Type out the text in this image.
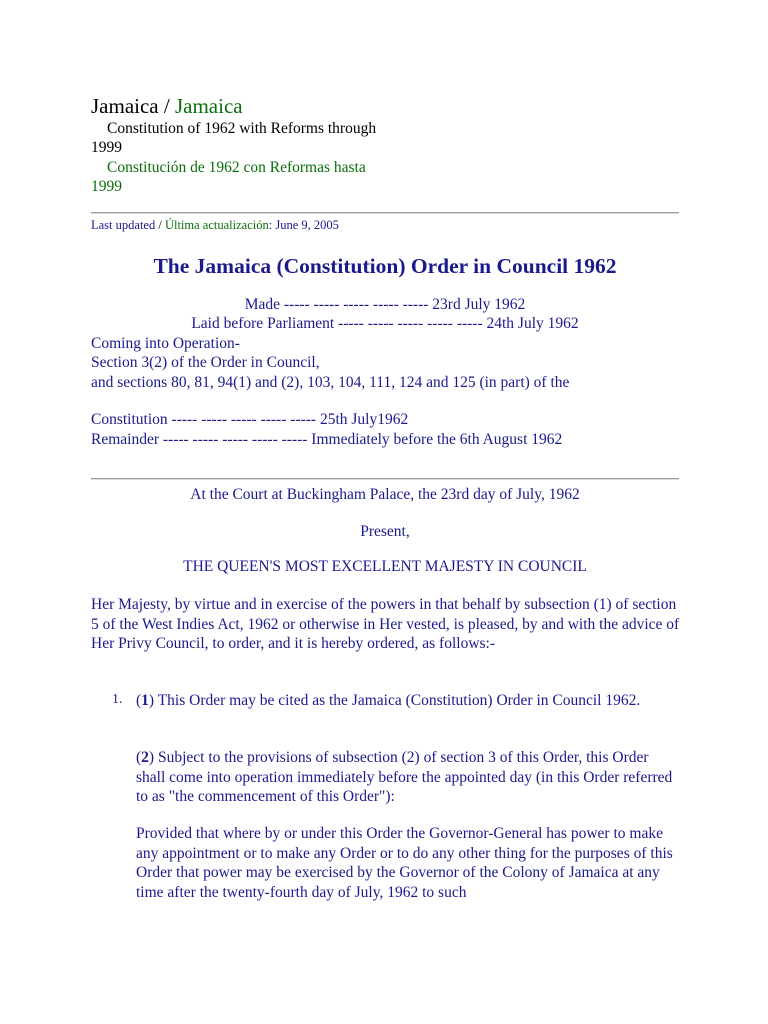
Jamaica / Jamaica
Constitution of 1962 with Reforms through 1999
Constitución de 1962 con Reformas hasta 1999
Last updated / Última actualización: June 9, 2005
The Jamaica (Constitution) Order in Council 1962
Made ----- ----- ----- ----- ----- 23rd July 1962
Laid before Parliament ----- ----- ----- ----- ----- 24th July 1962
Coming into Operation-
Section 3(2) of the Order in Council,
and sections 80, 81, 94(1) and (2), 103, 104, 111, 124 and 125 (in part) of the
Constitution ----- ----- ----- ----- ----- 25th July1962
Remainder ----- ----- ----- ----- ----- Immediately before the 6th August 1962
At the Court at Buckingham Palace, the 23rd day of July, 1962
Present,
THE QUEEN'S MOST EXCELLENT MAJESTY IN COUNCIL
Her Majesty, by virtue and in exercise of the powers in that behalf by subsection (1) of section 5 of the West Indies Act, 1962 or otherwise in Her vested, is pleased, by and with the advice of Her Privy Council, to order, and it is hereby ordered, as follows:-
1. (1) This Order may be cited as the Jamaica (Constitution) Order in Council 1962.
(2) Subject to the provisions of subsection (2) of section 3 of this Order, this Order shall come into operation immediately before the appointed day (in this Order referred to as "the commencement of this Order"):
Provided that where by or under this Order the Governor-General has power to make any appointment or to make any Order or to do any other thing for the purposes of this Order that power may be exercised by the Governor of the Colony of Jamaica at any time after the twenty-fourth day of July, 1962 to such
